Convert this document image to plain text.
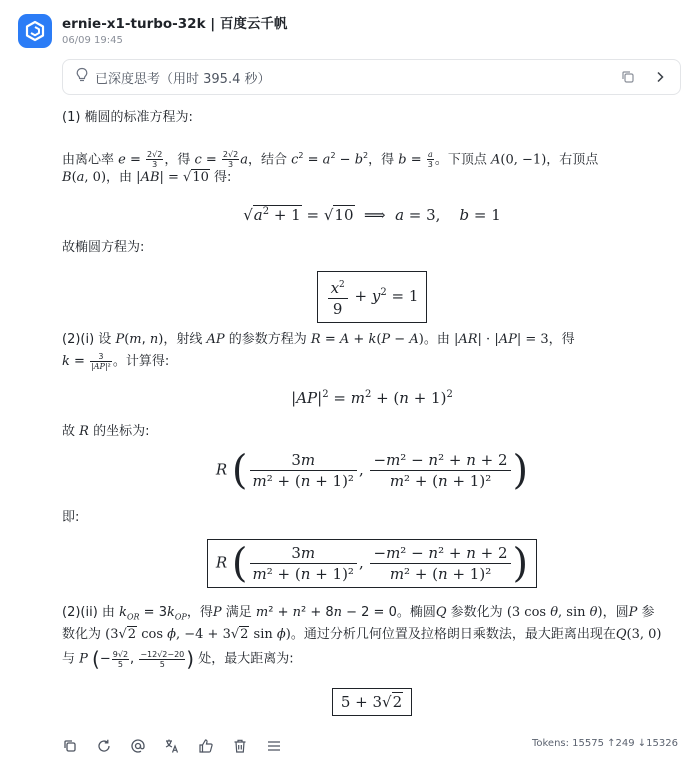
ernie-x1-turbo-32k | 百度云千帆
06/09 19:45
已深度思考（用时 395.4 秒）
(1) 椭圆的标准方程为:
由离心率 $e = \frac{2√2}{3}$ ，得 $c = \frac{2√2}{3}$ a，结合 $c^2 = a^2 - b^2$，得 $b = \frac{a}{3}$ 。下顶点 A(0, −1)，右顶点
B(a, 0)，由 |AB| = √10 得:
$√a^2 + 1 = √10$  ⟹  a = 3,    b = 1
故椭圆方程为:
$\frac{x^2}{9} + y^2 = 1$
(2)(i) 设 P(m, n)，射线 AP 的参数方程为 R = A + k(P − A)。由 |AR| · |AP| = 3，得
$k = \frac{3}{\text{|AP|²}}$ 。计算得:
$|AP|^2 = m^2 + (n + 1)^2$
故 R 的坐标为:
R ( $\frac{3m}{\text{m² + (n + 1)²}}$ , $\frac{\text{−m² − n² + n + 2}}{\text{m² + (n + 1)²}}$ )
即:
R ( $\frac{3m}{\text{m² + (n + 1)²}}$ , $\frac{\text{−m² − n² + n + 2}}{\text{m² + (n + 1)²}}$ )
(2)(ii) 由 $k_{OR} = 3k_{OP}$，得P 满足 m² + n² + 8n − 2 = 0。椭圆Q 参数化为 (3 cos θ, sin θ)，圆P 参
数化为 (3√2 cos ϕ, −4 + 3√2 sin ϕ)。通过分析几何位置及拉格朗日乘数法，最大距离出现在Q(3, 0)
与 P (− $\frac{9√2}{5}$ , $\frac{-12√2-20}{5}$ ) 处，最大距离为:
5 + 3√2
Tokens: 15575 ↑249 ↓15326
